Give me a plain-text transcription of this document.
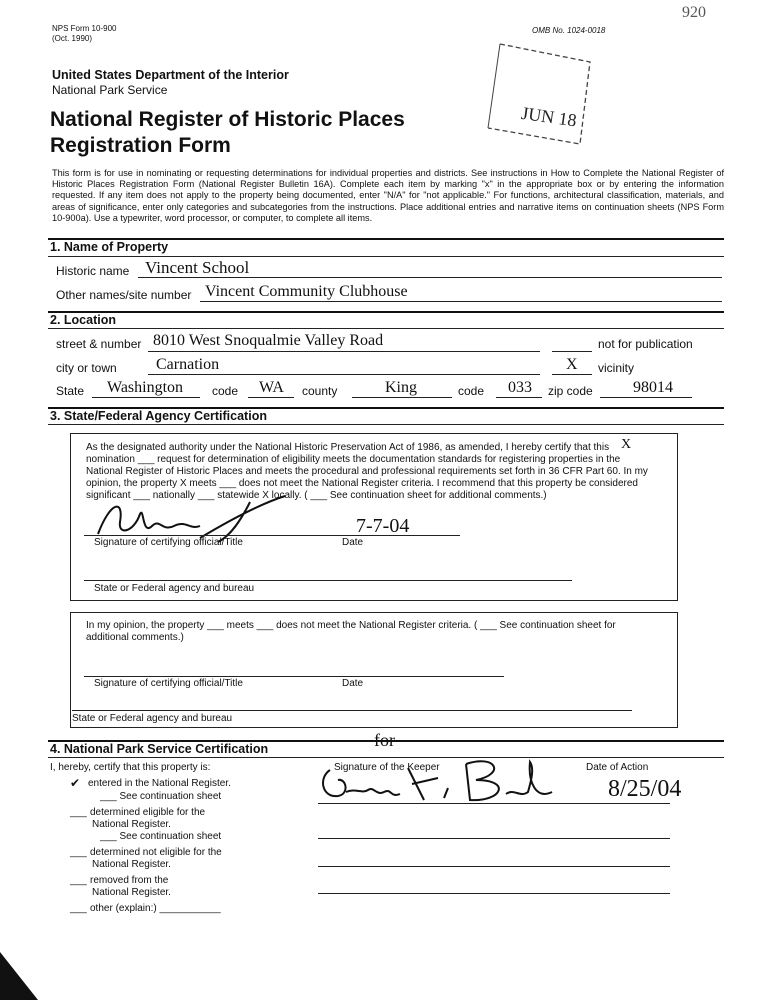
NPS Form 10-900
(Oct. 1990)
OMB No. 1024-0018
920
JUN 18
United States Department of the Interior
National Park Service
National Register of Historic Places
Registration Form
This form is for use in nominating or requesting determinations for individual properties and districts. See instructions in How to Complete the National Register of Historic Places Registration Form (National Register Bulletin 16A). Complete each item by marking "x" in the appropriate box or by entering the information requested. If any item does not apply to the property being documented, enter "N/A" for "not applicable." For functions, architectural classification, materials, and areas of significance, enter only categories and subcategories from the instructions. Place additional entries and narrative items on continuation sheets (NPS Form 10-900a). Use a typewriter, word processor, or computer, to complete all items.
1. Name of Property
Historic name Vincent School
Other names/site number Vincent Community Clubhouse
2. Location
street & number 8010 West Snoqualmie Valley Road	not for publication
city or town Carnation	X vicinity
State Washington code WA county	King	code 033 zip code	98014
3. State/Federal Agency Certification
As the designated authority under the National Historic Preservation Act of 1986, as amended, I hereby certify that this X
nomination ___ request for determination of eligibility meets the documentation standards for registering properties in the
National Register of Historic Places and meets the procedural and professional requirements set forth in 36 CFR Part 60. In my
opinion, the property X meets ___ does not meet the National Register criteria. I recommend that this property be considered
significant ___ nationally ___ statewide X locally. ( ___ See continuation sheet for additional comments.)
7-7-04
Signature of certifying official/Title	Date
State or Federal agency and bureau
In my opinion, the property ___ meets ___ does not meet the National Register criteria. ( ___ See continuation sheet for
additional comments.)
Signature of certifying official/Title	Date
State or Federal agency and bureau
4. National Park Service Certification	for
I, hereby, certify that this property is:	Signature of the Keeper	Date of Action
8/25/04
✔ entered in the National Register.
___ See continuation sheet
___ determined eligible for the
National Register.
___ See continuation sheet
___ determined not eligible for the
National Register.
___ removed from the
National Register.
___ other (explain:) ___________
